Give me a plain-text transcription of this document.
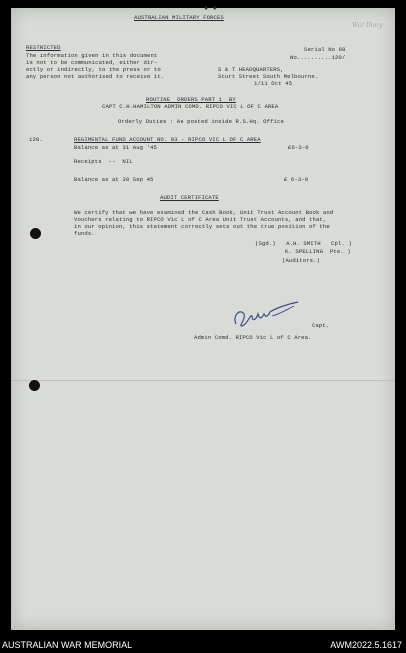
AUSTRALIAN MILITARY FORCES
♦ ♦
War Diary
RESTRICTED
The information given in this document
is not to be communicated, either dir-
ectly or indirectly, to the press or to
any person not authorised to receive it.
Serial No 68
No..........120/
S & T HEADQUARTERS,
Sturt Street South Melbourne.
1/11 Oct 45
ROUTINE  ORDERS PART 1  BY
CAPT C.H.HAMILTON ADMIN COMD. RIPCO VIC L OF C AREA
Orderly Duties : As posted inside R.S.Hq. Office
120.	REGIMENTAL FUND ACCOUNT NO. 93 - RIPCO VIC L OF C AREA
Balance as at 31 Aug '45	£6-3-0
Receipts  --  NIL
Balance as at 30 Sep 45	£ 6-3-0
AUDIT CERTIFICATE
We certify that we have examined the Cash Book, Unit Trust Account Book and
Vouchers relating to RIPCO Vic L of C Area Unit Trust Accounts, and that,
in our opinion, this statement correctly sets out the true position of the
funds.
(Sgd.)   A.H. SMITH   Cpl. )
K. SPELLING  Pte. )
(Auditors.)
Capt.
Admin Comd. RIPCO Vic L of C Area.
AUSTRALIAN WAR MEMORIAL	AWM2022.5.1617
